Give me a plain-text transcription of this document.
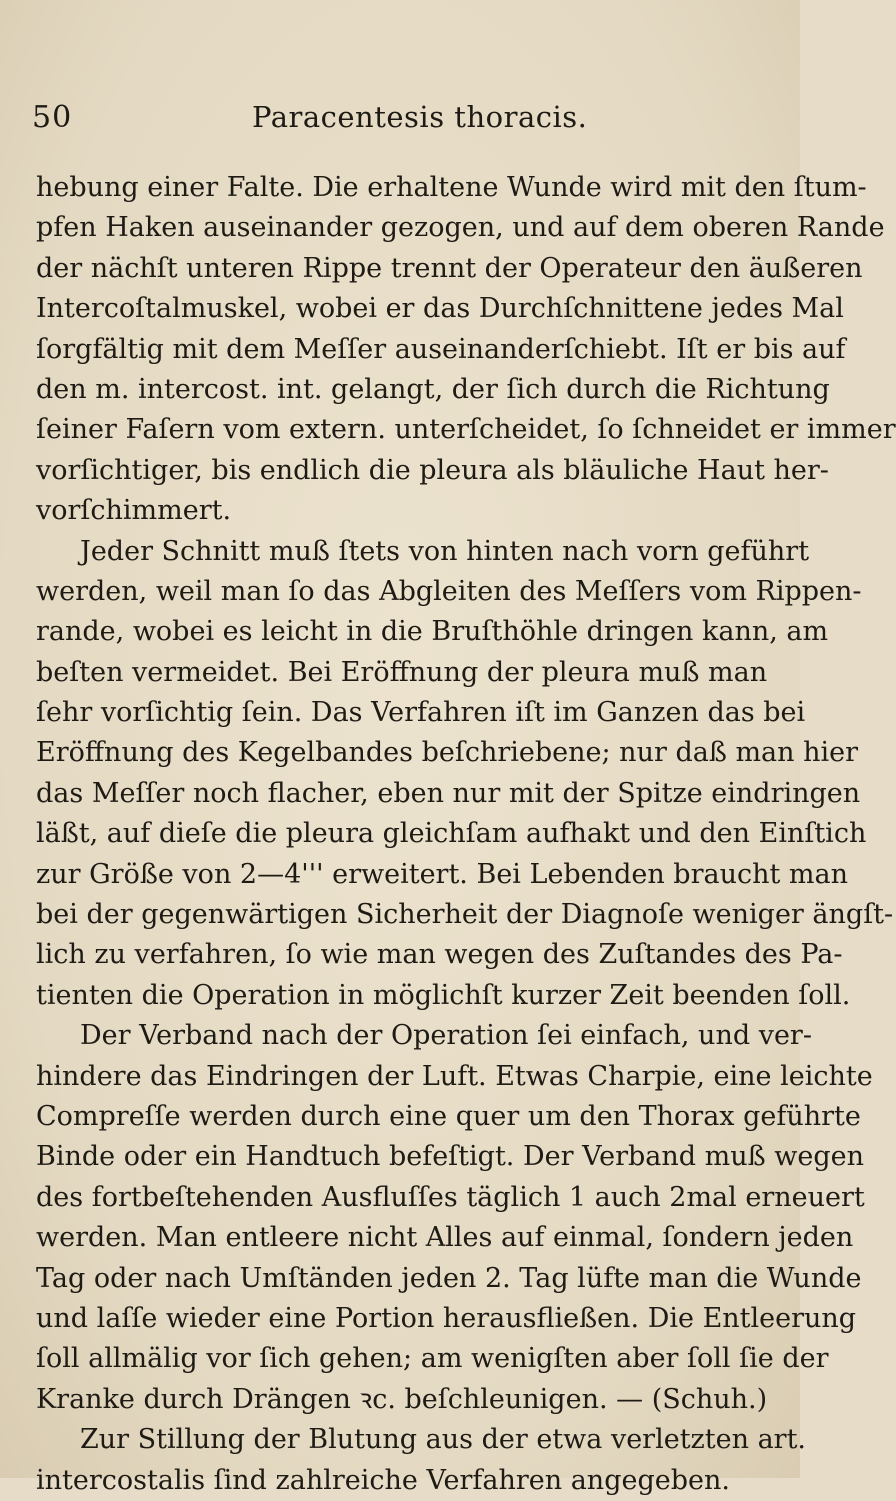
50	Paracentesis thoracis.
hebung einer Falte. Die erhaltene Wunde wird mit den ſtum-
pfen Haken auseinander gezogen, und auf dem oberen Rande
der nächſt unteren Rippe trennt der Operateur den äußeren
Intercoſtalmuskel, wobei er das Durchſchnittene jedes Mal
ſorgfältig mit dem Meſſer auseinanderſchiebt. Iſt er bis auf
den m. intercost. int. gelangt, der ſich durch die Richtung
ſeiner Faſern vom extern. unterſcheidet, ſo ſchneidet er immer
vorſichtiger, bis endlich die pleura als bläuliche Haut her-
vorſchimmert.
Jeder Schnitt muß ſtets von hinten nach vorn geführt
werden, weil man ſo das Abgleiten des Meſſers vom Rippen-
rande, wobei es leicht in die Bruſthöhle dringen kann, am
beſten vermeidet. Bei Eröffnung der pleura muß man
ſehr vorſichtig ſein. Das Verfahren iſt im Ganzen das bei
Eröffnung des Kegelbandes beſchriebene; nur daß man hier
das Meſſer noch flacher, eben nur mit der Spitze eindringen
läßt, auf dieſe die pleura gleichſam aufhakt und den Einſtich
zur Größe von 2—4''' erweitert. Bei Lebenden braucht man
bei der gegenwärtigen Sicherheit der Diagnoſe weniger ängſt-
lich zu verfahren, ſo wie man wegen des Zuſtandes des Pa-
tienten die Operation in möglichſt kurzer Zeit beenden ſoll.
Der Verband nach der Operation ſei einfach, und ver-
hindere das Eindringen der Luft. Etwas Charpie, eine leichte
Compreſſe werden durch eine quer um den Thorax geführte
Binde oder ein Handtuch befeſtigt. Der Verband muß wegen
des fortbeſtehenden Ausfluſſes täglich 1 auch 2mal erneuert
werden. Man entleere nicht Alles auf einmal, ſondern jeden
Tag oder nach Umſtänden jeden 2. Tag lüfte man die Wunde
und laſſe wieder eine Portion herausfließen. Die Entleerung
ſoll allmälig vor ſich gehen; am wenigſten aber ſoll ſie der
Kranke durch Drängen ꝛc. beſchleunigen. — (Schuh.)
Zur Stillung der Blutung aus der etwa verletzten art.
intercostalis ſind zahlreiche Verfahren angegeben.
